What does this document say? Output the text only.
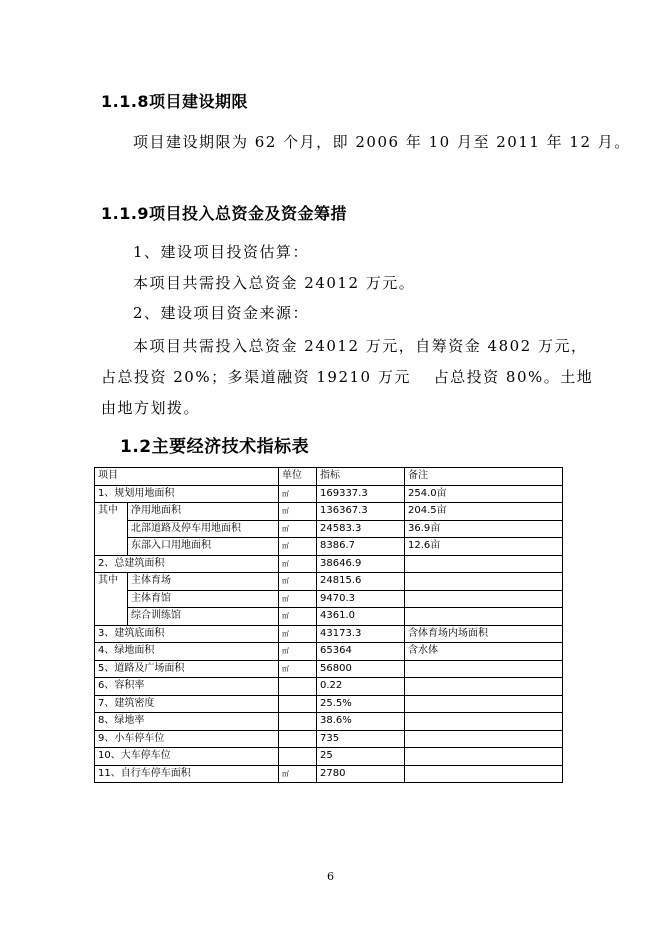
1.1.8项目建设期限
项目建设期限为 62 个月，即 2006 年 10 月至 2011 年 12 月。
1.1.9项目投入总资金及资金筹措
1、建设项目投资估算：
本项目共需投入总资金 24012 万元。
2、建设项目资金来源：
本项目共需投入总资金 24012 万元，自筹资金 4802 万元，
占总投资 20%；多渠道融资 19210 万元　 占总投资 80%。土地
由地方划拨。
1.2主要经济技术指标表
项目		单位	指标	备注
1、规划用地面积		㎡	169337.3	254.0亩
其中	净用地面积	㎡	136367.3	204.5亩
	北部道路及停车用地面积	㎡	24583.3	36.9亩
	东部入口用地面积	㎡	8386.7	12.6亩
2、总建筑面积		㎡	38646.9	
其中	主体育场	㎡	24815.6	
	主体育馆	㎡	9470.3	
	综合训练馆	㎡	4361.0	
3、建筑底面积		㎡	43173.3	含体育场内场面积
4、绿地面积		㎡	65364	含水体
5、道路及广场面积		㎡	56800	
6、容积率			0.22	
7、建筑密度			25.5%	
8、绿地率			38.6%	
9、小车停车位			735	
10、大车停车位			25	
11、自行车停车面积		㎡	2780	
6
